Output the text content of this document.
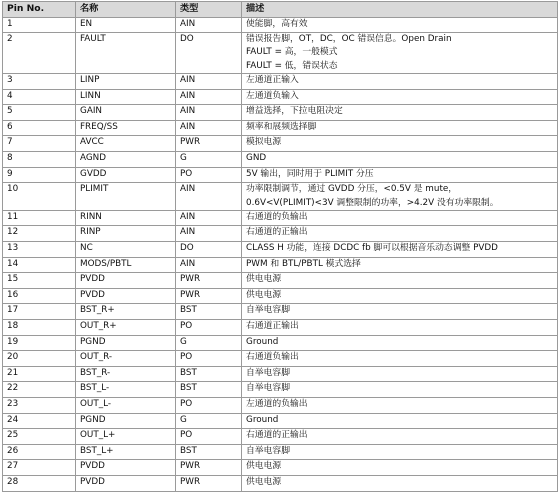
Pin No.	名称	类型	描述
1	EN	AIN	使能脚，高有效

2	FAULT	DO	错误报告脚，OT，DC，OC 错误信息。Open Drain
FAULT = 高，一般模式
FAULT = 低，错误状态

3	LINP	AIN	左通道正输入

4	LINN	AIN	左通道负输入

5	GAIN	AIN	增益选择，下拉电阻决定

6	FREQ/SS	AIN	频率和展频选择脚

7	AVCC	PWR	模拟电源

8	AGND	G	GND

9	GVDD	PO	5V 输出，同时用于 PLIMIT 分压

10	PLIMIT	AIN	功率限制调节，通过 GVDD 分压，<0.5V 是 mute，
0.6V<V(PLIMIT)<3V 调整限制的功率，>4.2V 没有功率限制。

11	RINN	AIN	右通道的负输出

12	RINP	AIN	右通道的正输出

13	NC	DO	CLASS H 功能，连接 DCDC fb 脚可以根据音乐动态调整 PVDD

14	MODS/PBTL	AIN	PWM 和 BTL/PBTL 模式选择

15	PVDD	PWR	供电电源

16	PVDD	PWR	供电电源

17	BST_R+	BST	自举电容脚

18	OUT_R+	PO	右通道正输出

19	PGND	G	Ground

20	OUT_R-	PO	右通道负输出

21	BST_R-	BST	自举电容脚

22	BST_L-	BST	自举电容脚

23	OUT_L-	PO	左通道的负输出

24	PGND	G	Ground

25	OUT_L+	PO	右通道的正输出

26	BST_L+	BST	自举电容脚

27	PVDD	PWR	供电电源

28	PVDD	PWR	供电电源
